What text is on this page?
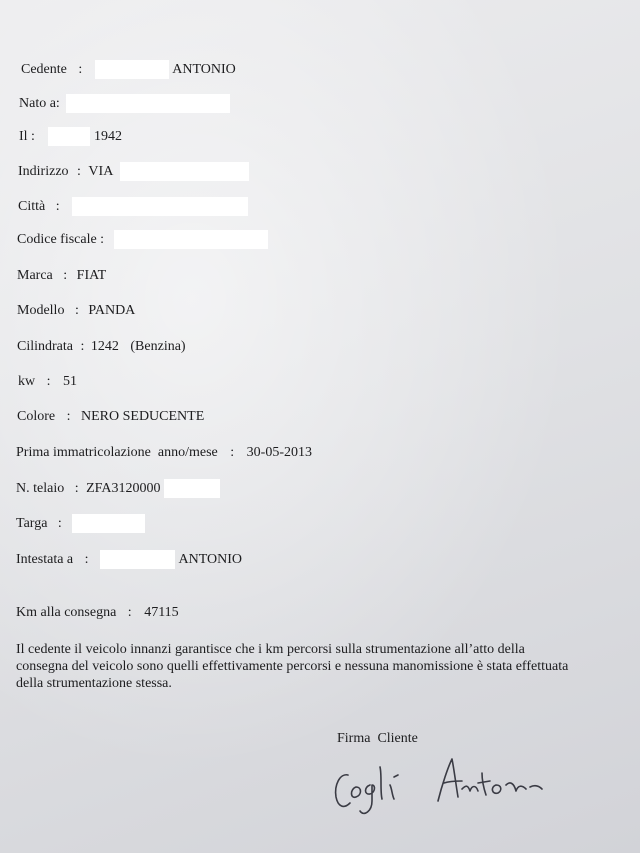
Cedente :	ANTONIO
Nato a:
Il :	1942
Indirizzo : VIA
Città :
Codice fiscale :
Marca : FIAT
Modello : PANDA
Cilindrata : 1242 (Benzina)
kw : 51
Colore : NERO SEDUCENTE
Prima immatricolazione  anno/mese : 30-05-2013
N. telaio : ZFA3120000
Targa :
Intestata a :	ANTONIO
Km alla consegna : 47115

Il cedente il veicolo innanzi garantisce che i km percorsi sulla strumentazione all’atto della

consegna del veicolo sono quelli effettivamente percorsi e nessuna manomissione è stata effettuata

della strumentazione stessa.

Firma  Cliente
